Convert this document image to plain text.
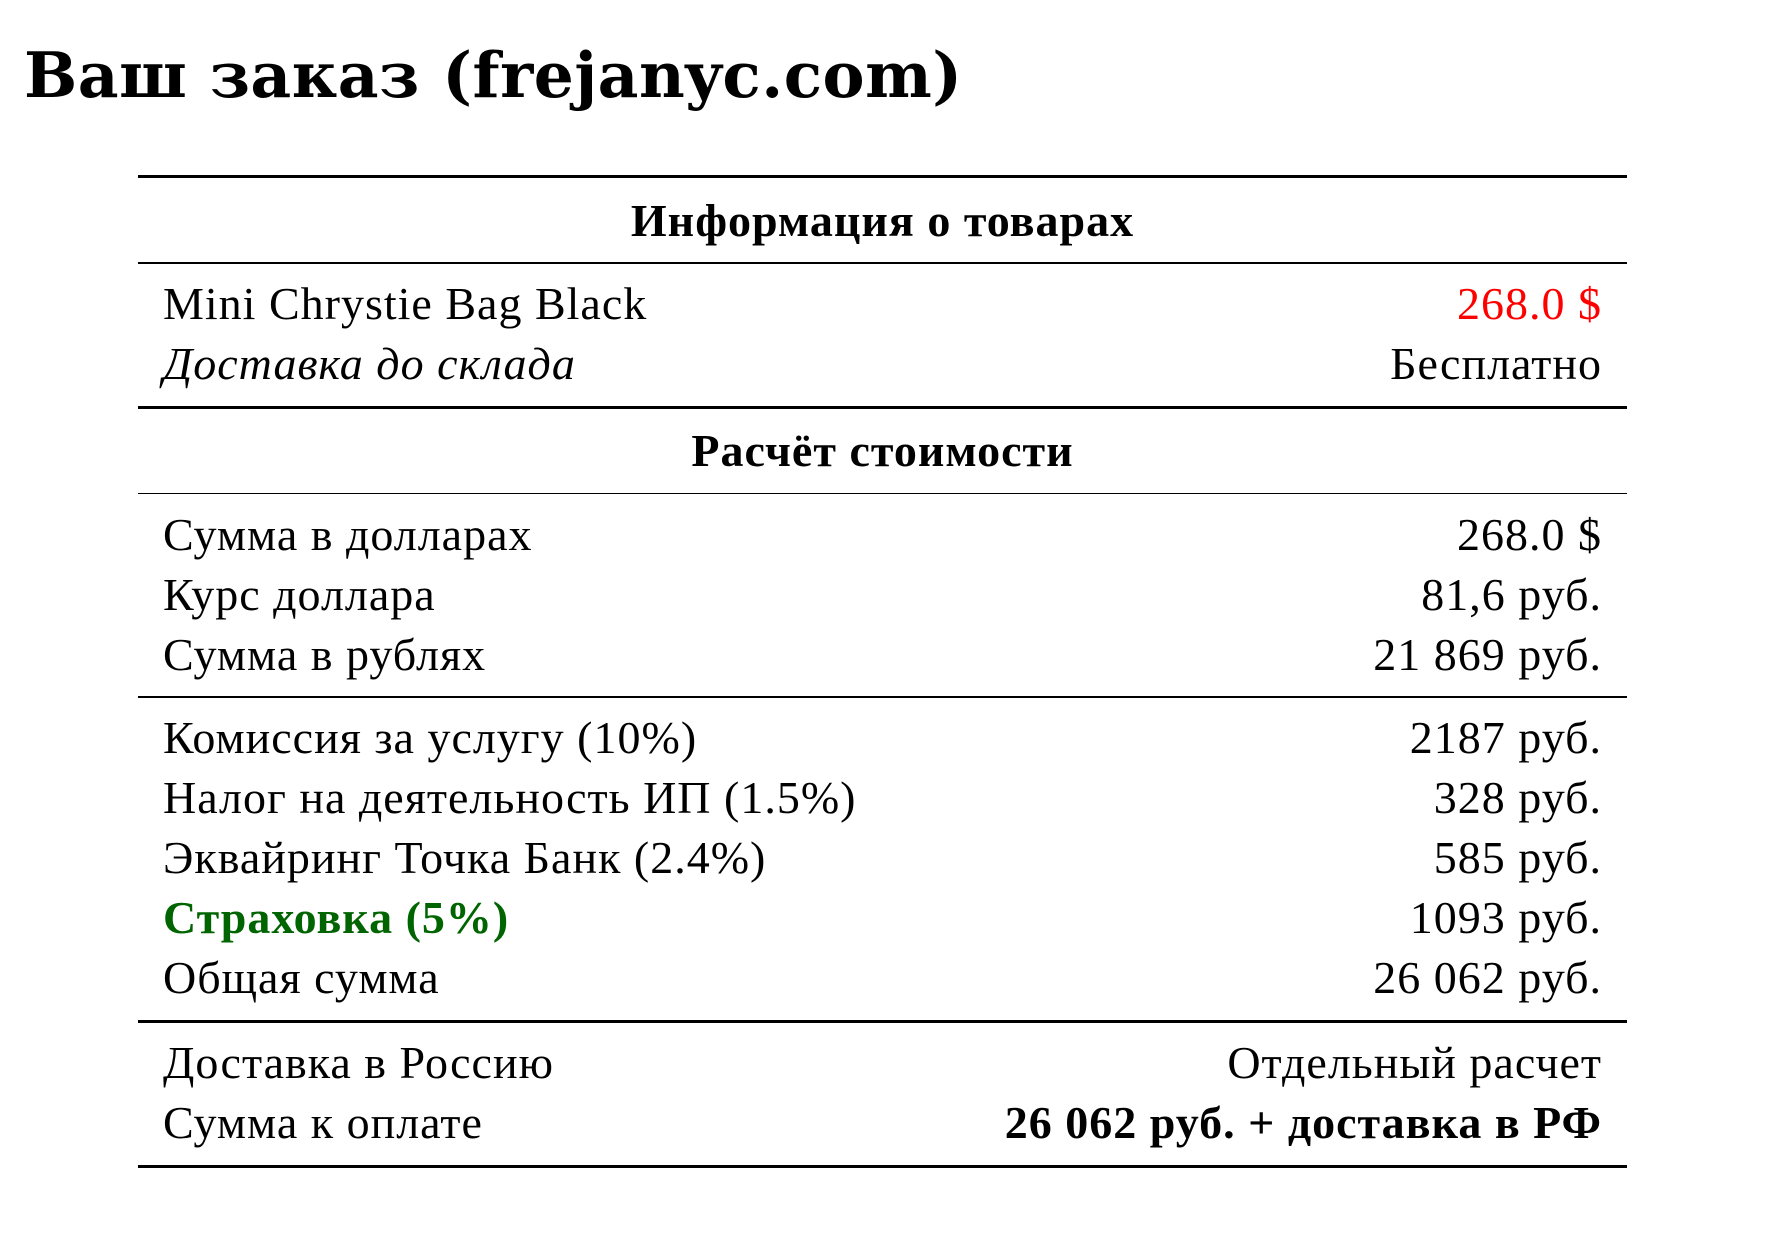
Ваш заказ (frejanyc.com)
Информация о товарах
Mini Chrystie Bag Black	268.0 $
Доставка до склада	Бесплатно
Расчёт стоимости
Сумма в долларах	268.0 $
Курс доллара	81,6 руб.
Сумма в рублях	21 869 руб.
Комиссия за услугу (10%)	2187 руб.
Налог на деятельность ИП (1.5%)	328 руб.
Эквайринг Точка Банк (2.4%)	585 руб.
Страховка (5%)	1093 руб.
Общая сумма	26 062 руб.
Доставка в Россию	Отдельный расчет
Сумма к оплате	26 062 руб. + доставка в РФ
